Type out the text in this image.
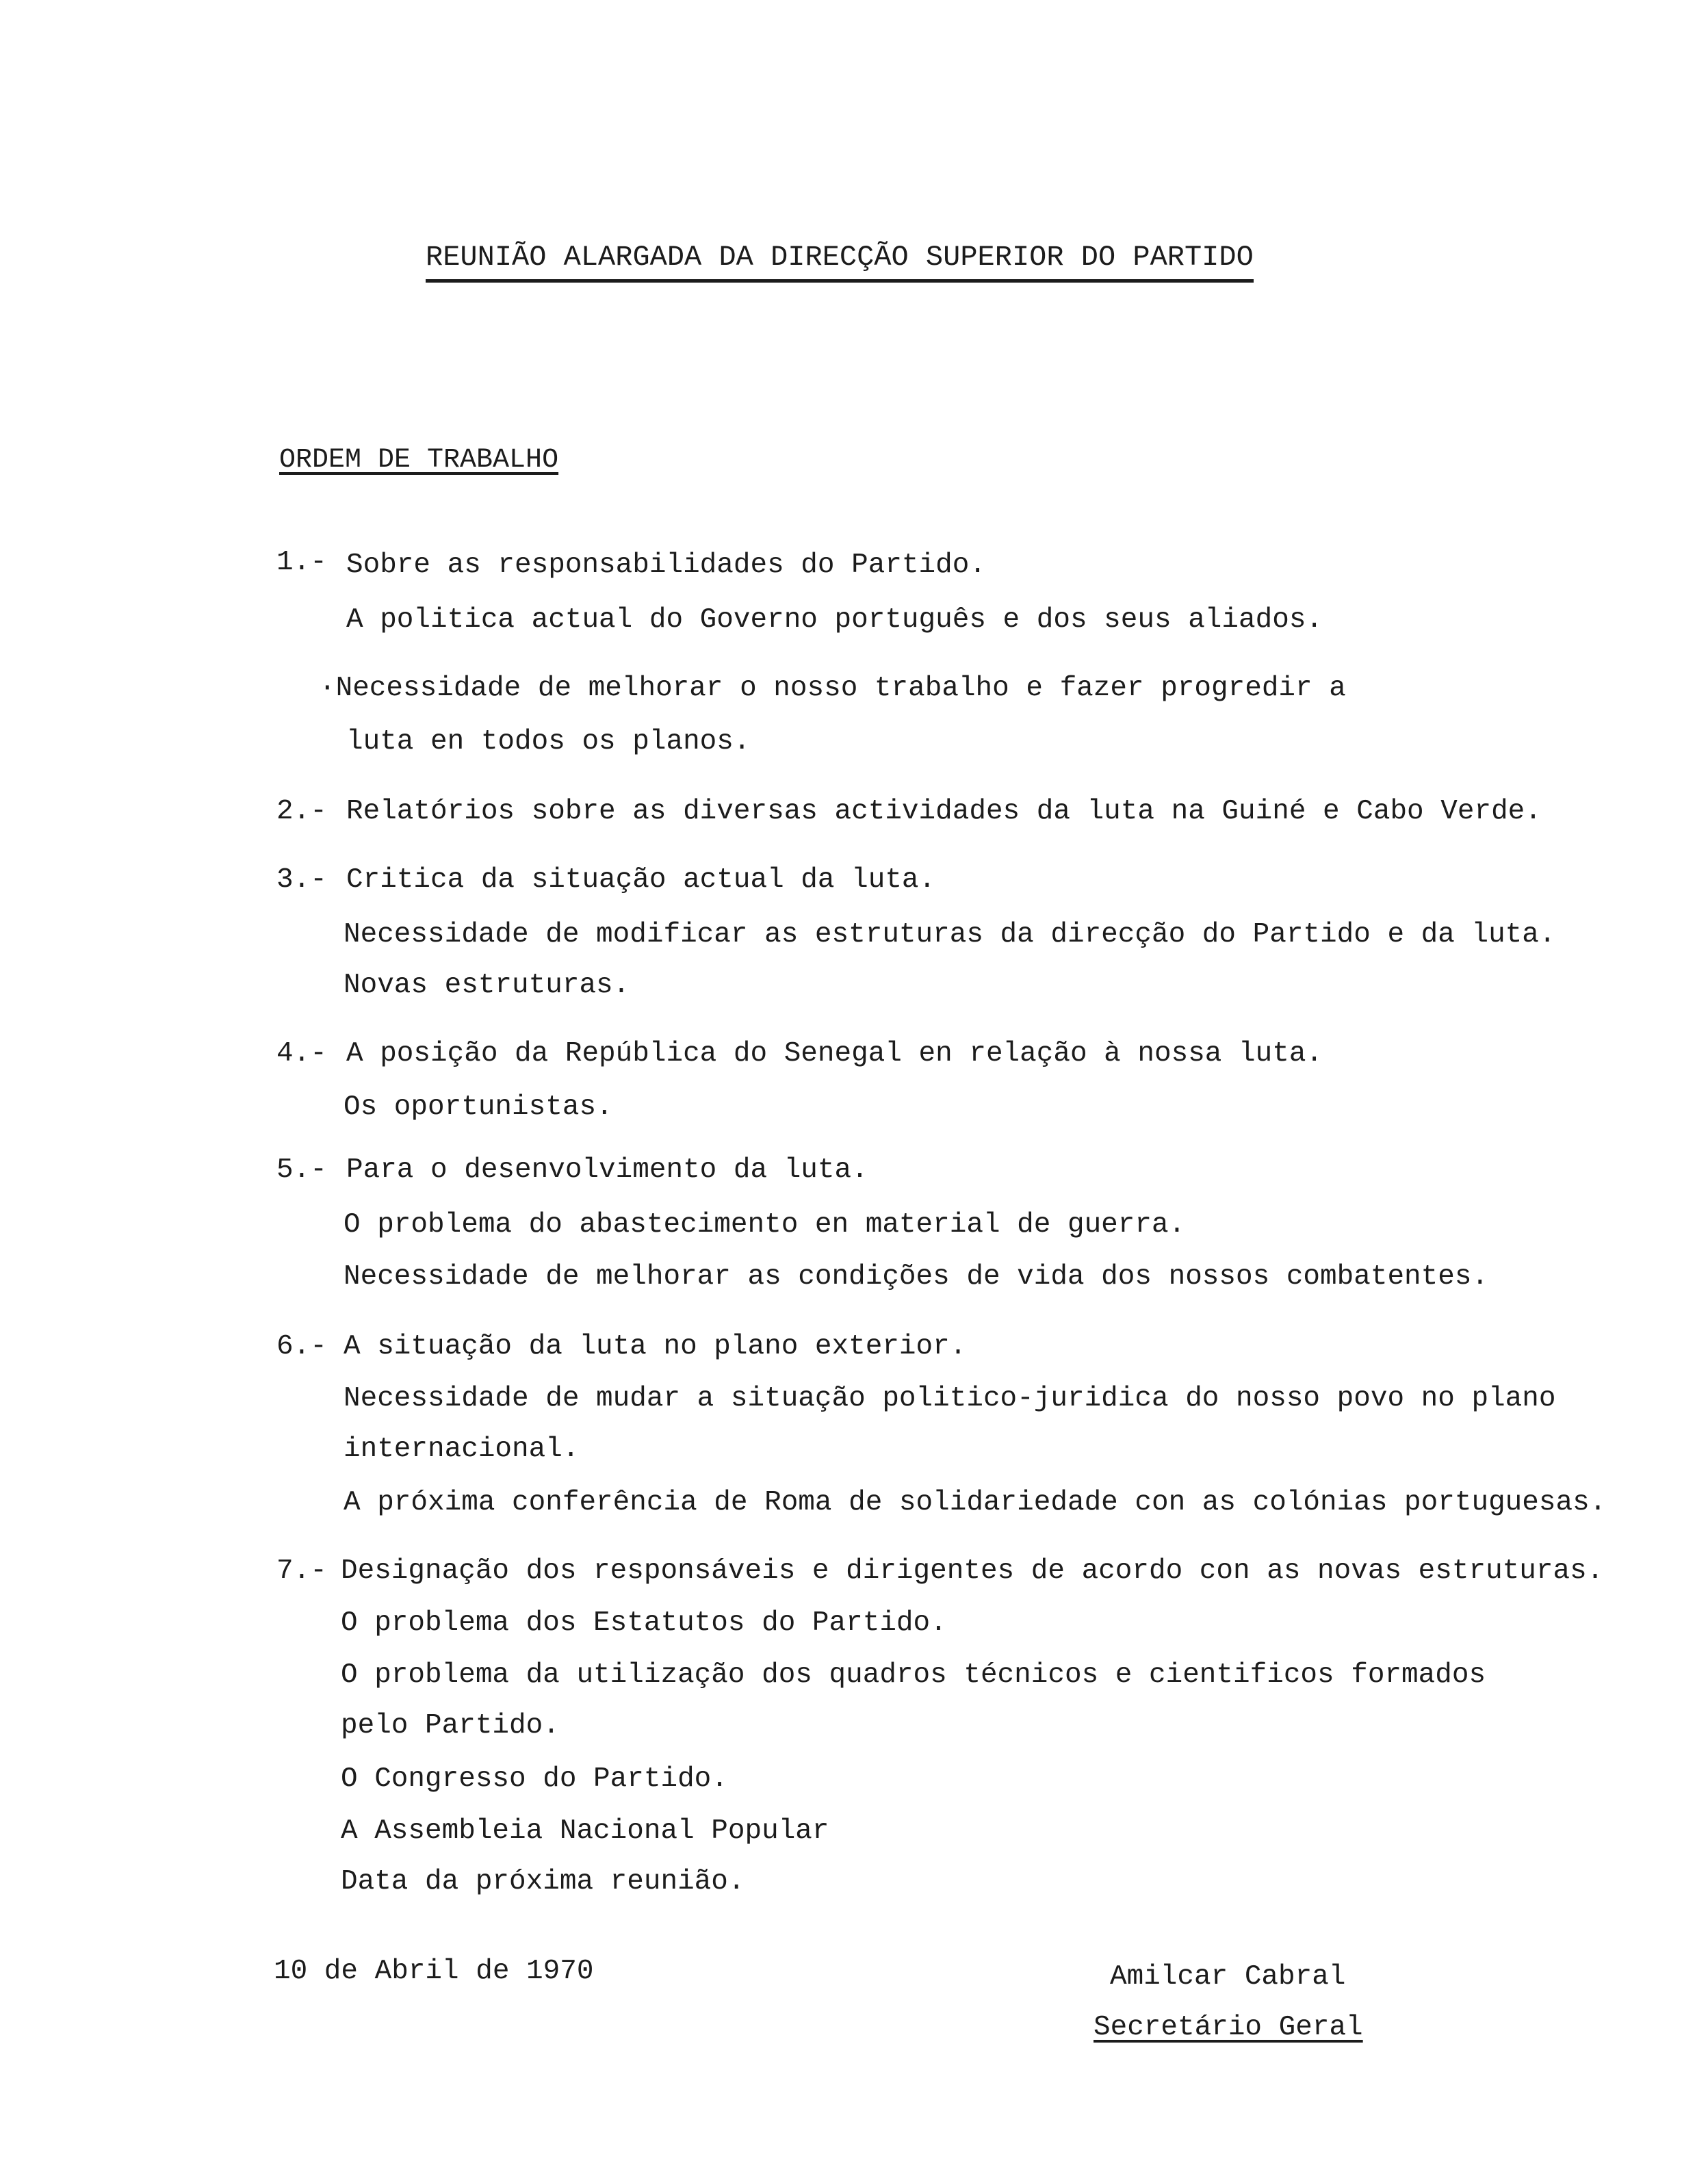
REUNIÃO ALARGADA DA DIRECÇÃO SUPERIOR DO PARTIDO
ORDEM DE TRABALHO
1.- Sobre as responsabilidades do Partido.
A politica actual do Governo português e dos seus aliados.
·Necessidade de melhorar o nosso trabalho e fazer progredir a
luta en todos os planos.
2.- Relatórios sobre as diversas actividades da luta na Guiné e Cabo Verde.
3.- Critica da situação actual da luta.
Necessidade de modificar as estruturas da direcção do Partido e da luta.
Novas estruturas.
4.- A posição da República do Senegal en relação à nossa luta.
Os oportunistas.
5.- Para o desenvolvimento da luta.
O problema do abastecimento en material de guerra.
Necessidade de melhorar as condições de vida dos nossos combatentes.
6.- A situação da luta no plano exterior.
Necessidade de mudar a situação politico-juridica do nosso povo no plano
internacional.
A próxima conferência de Roma de solidariedade con as colónias portuguesas.
7.- Designação dos responsáveis e dirigentes de acordo con as novas estruturas.
O problema dos Estatutos do Partido.
O problema da utilização dos quadros técnicos e cientificos formados
pelo Partido.
O Congresso do Partido.
A Assembleia Nacional Popular
Data da próxima reunião.
10 de Abril de 1970	Amilcar Cabral
Secretário Geral
